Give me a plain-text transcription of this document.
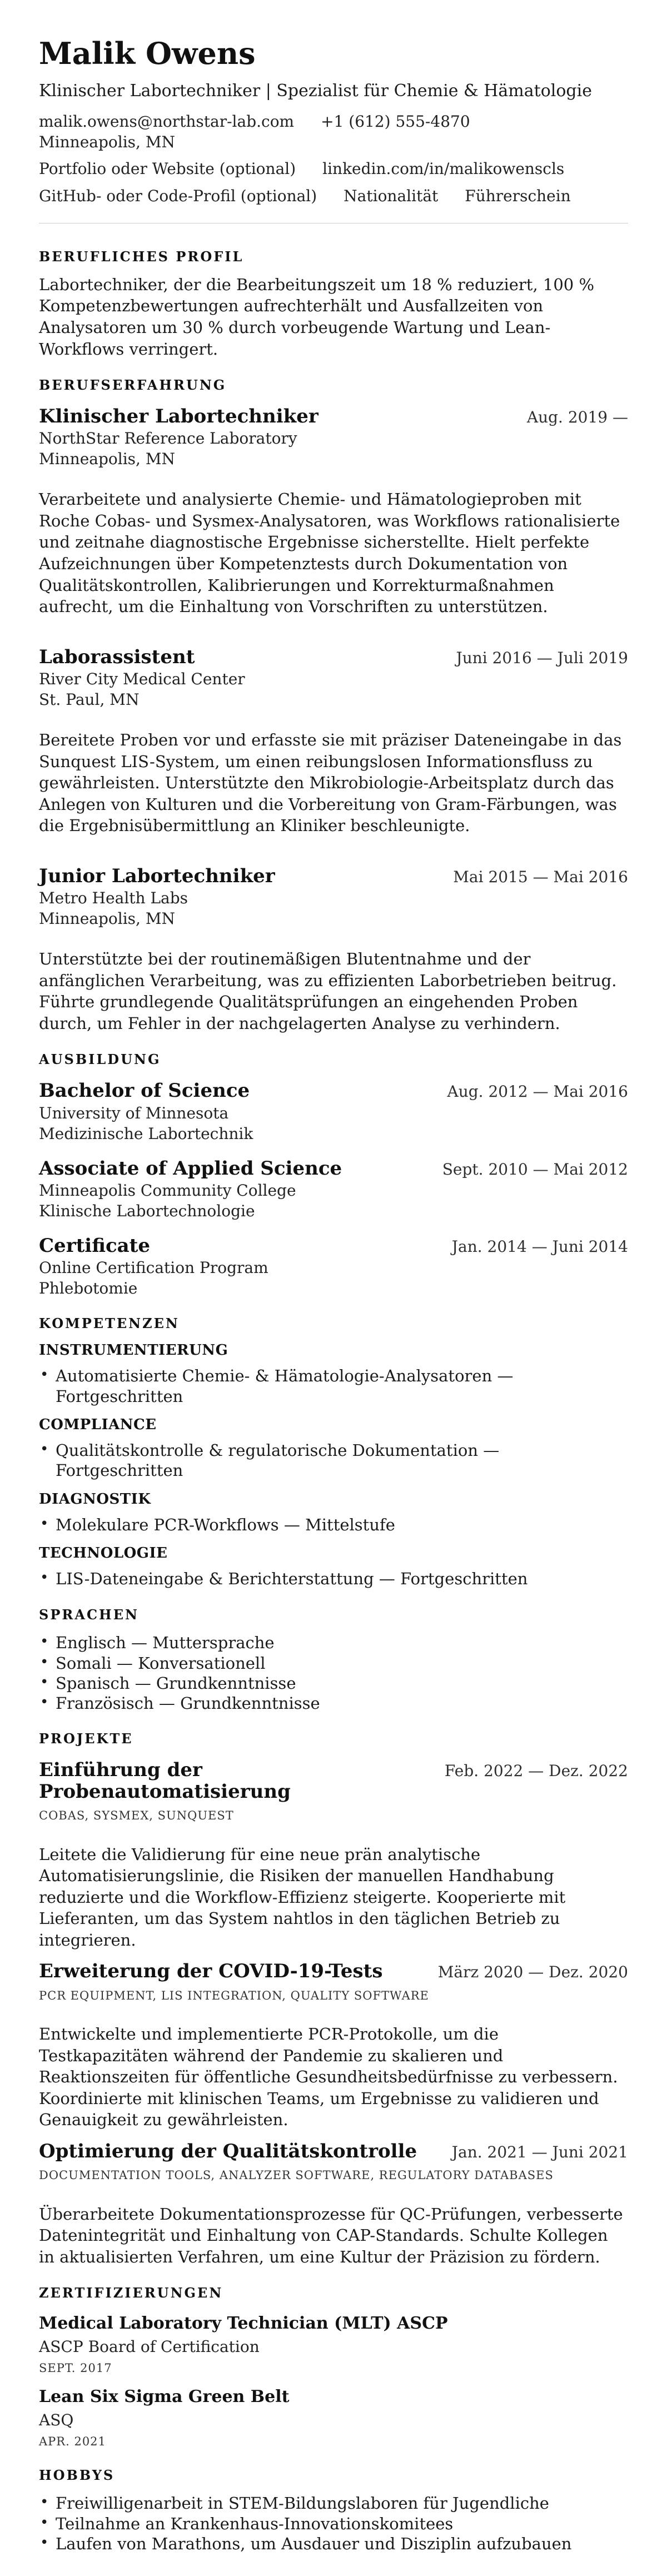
Malik Owens
Klinischer Labortechniker | Spezialist für Chemie & Hämatologie
malik.owens@northstar-lab.com +1 (612) 555-4870
Minneapolis, MN
Portfolio oder Website (optional) linkedin.com/in/malikowenscls
GitHub- oder Code-Profil (optional) Nationalität Führerschein
BERUFLICHES PROFIL

Labortechniker, der die Bearbeitungszeit um 18 % reduziert, 100 % Kompetenzbewertungen aufrechterhält und Ausfallzeiten von Analysatoren um 30 % durch vorbeugende Wartung und Lean-Workflows verringert.

BERUFSERFAHRUNG
Klinischer Labortechniker	Aug. 2019 —
NorthStar Reference Laboratory
Minneapolis, MN

Verarbeitete und analysierte Chemie- und Hämatologieproben mit Roche Cobas- und Sysmex-Analysatoren, was Workflows rationalisierte und zeitnahe diagnostische Ergebnisse sicherstellte. Hielt perfekte Aufzeichnungen über Kompetenztests durch Dokumentation von Qualitätskontrollen, Kalibrierungen und Korrekturmaßnahmen aufrecht, um die Einhaltung von Vorschriften zu unterstützen.

Laborassistent	Juni 2016 — Juli 2019
River City Medical Center
St. Paul, MN

Bereitete Proben vor und erfasste sie mit präziser Dateneingabe in das Sunquest LIS-System, um einen reibungslosen Informationsfluss zu gewährleisten. Unterstützte den Mikrobiologie-Arbeitsplatz durch das Anlegen von Kulturen und die Vorbereitung von Gram-Färbungen, was die Ergebnisübermittlung an Kliniker beschleunigte.

Junior Labortechniker	Mai 2015 — Mai 2016
Metro Health Labs
Minneapolis, MN

Unterstützte bei der routinemäßigen Blutentnahme und der anfänglichen Verarbeitung, was zu effizienten Laborbetrieben beitrug. Führte grundlegende Qualitätsprüfungen an eingehenden Proben durch, um Fehler in der nachgelagerten Analyse zu verhindern.

AUSBILDUNG
Bachelor of Science	Aug. 2012 — Mai 2016
University of Minnesota
Medizinische Labortechnik
Associate of Applied Science	Sept. 2010 — Mai 2012
Minneapolis Community College
Klinische Labortechnologie
Certificate	Jan. 2014 — Juni 2014
Online Certification Program
Phlebotomie
KOMPETENZEN
INSTRUMENTIERUNG
• Automatisierte Chemie- & Hämatologie-Analysatoren — Fortgeschritten
COMPLIANCE
• Qualitätskontrolle & regulatorische Dokumentation — Fortgeschritten
DIAGNOSTIK
• Molekulare PCR-Workflows — Mittelstufe
TECHNOLOGIE
• LIS-Dateneingabe & Berichterstattung — Fortgeschritten
SPRACHEN
• Englisch — Muttersprache
• Somali — Konversationell
• Spanisch — Grundkenntnisse
• Französisch — Grundkenntnisse
PROJEKTE
Einführung der Probenautomatisierung
Feb. 2022 — Dez. 2022
COBAS, SYSMEX, SUNQUEST

Leitete die Validierung für eine neue prän analytische Automatisierungslinie, die Risiken der manuellen Handhabung reduzierte und die Workflow-Effizienz steigerte. Kooperierte mit Lieferanten, um das System nahtlos in den täglichen Betrieb zu integrieren.

Erweiterung der COVID-19-Tests	März 2020 — Dez. 2020
PCR EQUIPMENT, LIS INTEGRATION, QUALITY SOFTWARE

Entwickelte und implementierte PCR-Protokolle, um die Testkapazitäten während der Pandemie zu skalieren und Reaktionszeiten für öffentliche Gesundheitsbedürfnisse zu verbessern. Koordinierte mit klinischen Teams, um Ergebnisse zu validieren und Genauigkeit zu gewährleisten.

Optimierung der Qualitätskontrolle Jan. 2021 — Juni 2021
DOCUMENTATION TOOLS, ANALYZER SOFTWARE, REGULATORY DATABASES

Überarbeitete Dokumentationsprozesse für QC-Prüfungen, verbesserte Datenintegrität und Einhaltung von CAP-Standards. Schulte Kollegen in aktualisierten Verfahren, um eine Kultur der Präzision zu fördern.

ZERTIFIZIERUNGEN
Medical Laboratory Technician (MLT) ASCP
ASCP Board of Certification
SEPT. 2017
Lean Six Sigma Green Belt
ASQ
APR. 2021
HOBBYS
• Freiwilligenarbeit in STEM-Bildungslaboren für Jugendliche
• Teilnahme an Krankenhaus-Innovationskomitees
• Laufen von Marathons, um Ausdauer und Disziplin aufzubauen
